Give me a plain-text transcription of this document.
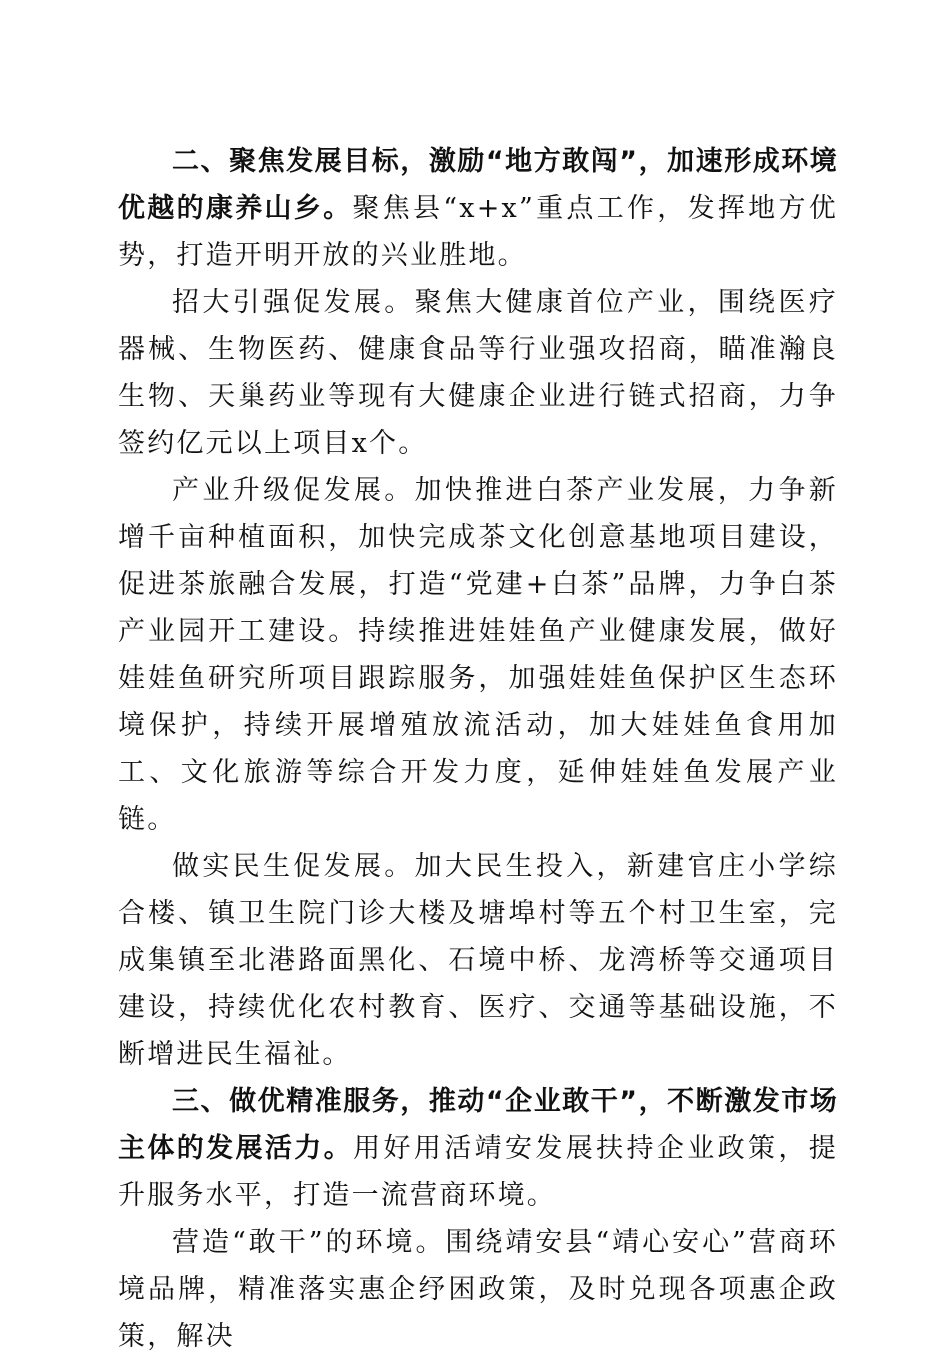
二、聚焦发展目标，激励“地方敢闯”，加速形成环境优越的康养山乡。聚焦县“x+x”重点工作，发挥地方优势，打造开明开放的兴业胜地。

招大引强促发展。聚焦大健康首位产业，围绕医疗器械、生物医药、健康食品等行业强攻招商，瞄准瀚良生物、天巢药业等现有大健康企业进行链式招商，力争签约亿元以上项目x个。

产业升级促发展。加快推进白茶产业发展，力争新增千亩种植面积，加快完成茶文化创意基地项目建设，促进茶旅融合发展，打造“党建+白茶”品牌，力争白茶产业园开工建设。持续推进娃娃鱼产业健康发展，做好娃娃鱼研究所项目跟踪服务，加强娃娃鱼保护区生态环境保护，持续开展增殖放流活动，加大娃娃鱼食用加工、文化旅游等综合开发力度，延伸娃娃鱼发展产业链。

做实民生促发展。加大民生投入，新建官庄小学综合楼、镇卫生院门诊大楼及塘埠村等五个村卫生室，完成集镇至北港路面黑化、石境中桥、龙湾桥等交通项目建设，持续优化农村教育、医疗、交通等基础设施，不断增进民生福祉。

三、做优精准服务，推动“企业敢干”，不断激发市场主体的发展活力。用好用活靖安发展扶持企业政策，提升服务水平，打造一流营商环境。

营造“敢干”的环境。围绕靖安县“靖心安心”营商环境品牌，精准落实惠企纾困政策，及时兑现各项惠企政策，解决
